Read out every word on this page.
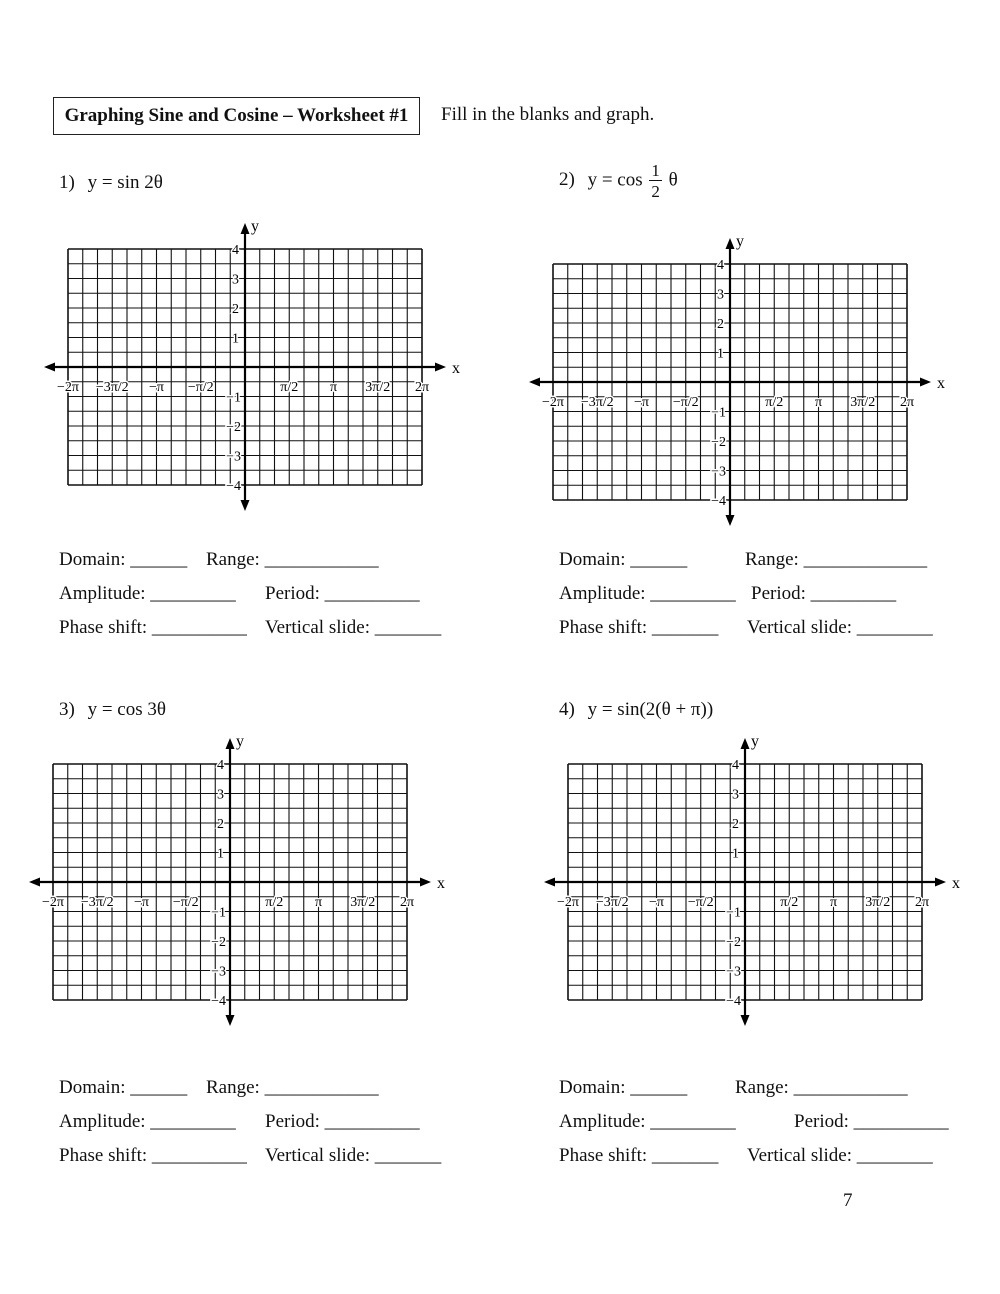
Graphing Sine and Cosine – Worksheet #1	Fill in the blanks and graph.
1) y = sin 2θ
x
y
−2π −3π/2 −π −π/2	π/2 π 3π/2 2π
4
3
2
1
−1
−2
−3
−4
2) $y = \cos \frac{1}{2}$ θ
x
y
−2π −3π/2 −π −π/2	π/2 π 3π/2 2π
4
3
2
1
−1
−2
−3
−4
3) y = cos 3θ
x
y
−2π −3π/2 −π −π/2	π/2 π 3π/2 2π
4
3
2
1
−1
−2
−3
−4
4) y = sin(2(θ + π))
x
y
−2π −3π/2 −π −π/2	π/2 π 3π/2 2π
4
3
2
1
−1
−2
−3
−4
Domain: ______ Range: ____________
Amplitude: _________ Period: __________
Phase shift: __________ Vertical slide: _______
Domain: ______	Range: _____________
Amplitude: _________ Period: _________
Phase shift: _______ Vertical slide: ________
Domain: ______ Range: ____________
Amplitude: _________ Period: __________
Phase shift: __________ Vertical slide: _______
Domain: ______	Range: ____________
Amplitude: _________	Period: __________
Phase shift: _______ Vertical slide: ________
7
